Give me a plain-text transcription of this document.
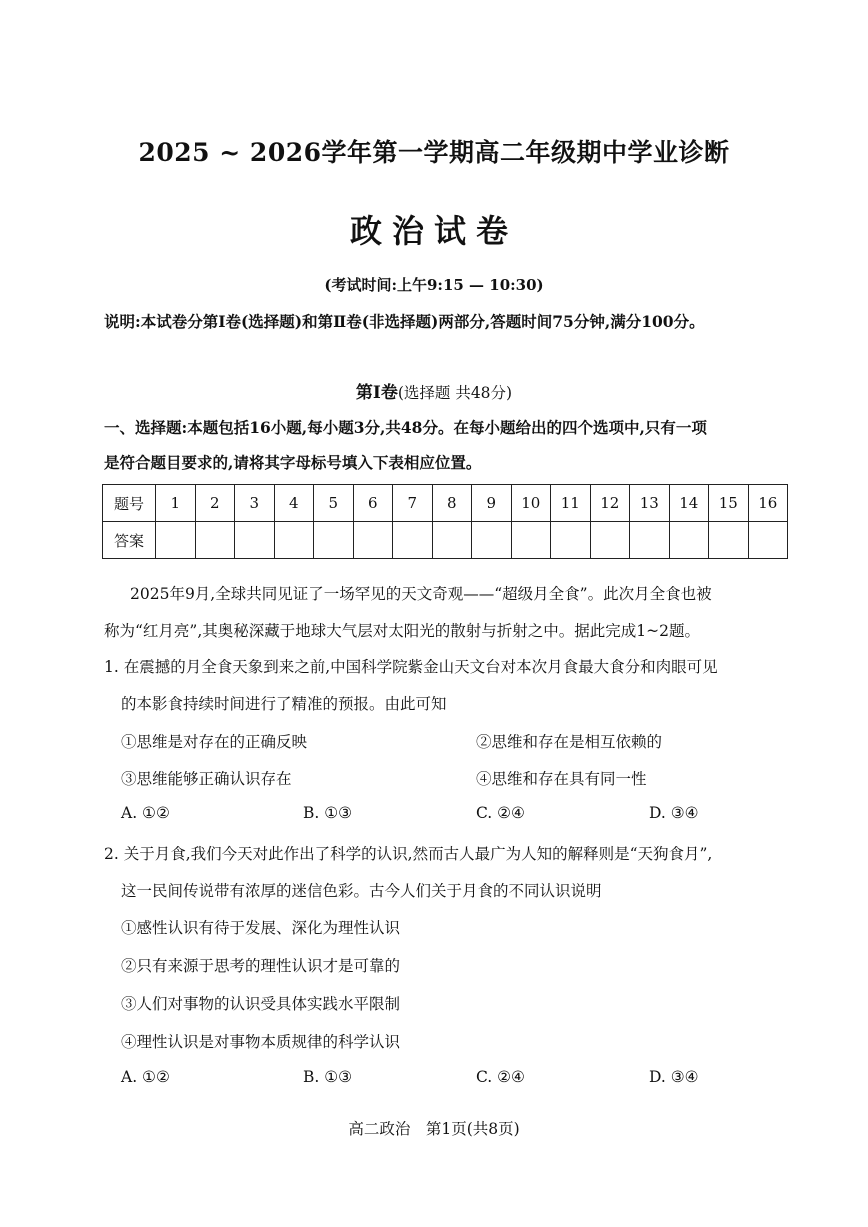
2025 ~ 2026学年第一学期高二年级期中学业诊断
政治试卷
(考试时间:上午9:15 — 10:30)
说明:本试卷分第Ⅰ卷(选择题)和第Ⅱ卷(非选择题)两部分,答题时间75分钟,满分100分。
第Ⅰ卷(选择题 共48分)
一、选择题:本题包括16小题,每小题3分,共48分。在每小题给出的四个选项中,只有一项
是符合题目要求的,请将其字母标号填入下表相应位置。
题号	1	2	3	4	5	6	7	8	9	10	11	12	13	14	15	16
答案																
2025年9月,全球共同见证了一场罕见的天文奇观——“超级月全食”。此次月全食也被
称为“红月亮”,其奥秘深藏于地球大气层对太阳光的散射与折射之中。据此完成1~2题。
1. 在震撼的月全食天象到来之前,中国科学院紫金山天文台对本次月食最大食分和肉眼可见
的本影食持续时间进行了精准的预报。由此可知
①思维是对存在的正确反映	②思维和存在是相互依赖的
③思维能够正确认识存在	④思维和存在具有同一性
A. ①②	B. ①③	C. ②④	D. ③④
2. 关于月食,我们今天对此作出了科学的认识,然而古人最广为人知的解释则是“天狗食月”,
这一民间传说带有浓厚的迷信色彩。古今人们关于月食的不同认识说明
①感性认识有待于发展、深化为理性认识
②只有来源于思考的理性认识才是可靠的
③人们对事物的认识受具体实践水平限制
④理性认识是对事物本质规律的科学认识
A. ①②	B. ①③	C. ②④	D. ③④
高二政治　第1页(共8页)
